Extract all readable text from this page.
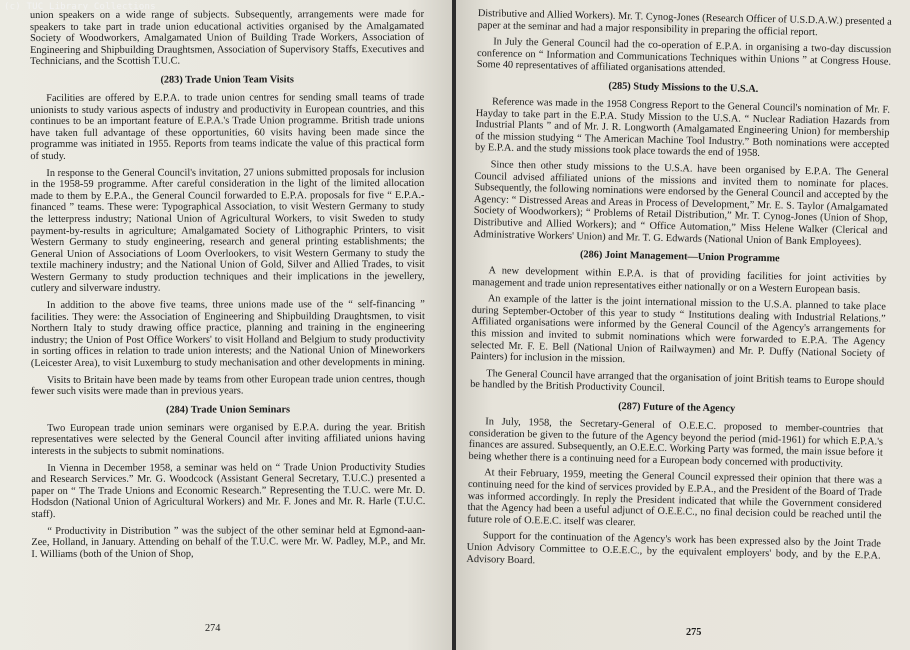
(c) TUC Library Collections

union speakers on a wide range of subjects. Subsequently, arrangements were made for speakers to take part in trade union educational activities organised by the Amalgamated Society of Woodworkers, Amalgamated Union of Building Trade Workers, Association of Engineering and Shipbuilding Draughtsmen, Association of Supervisory Staffs, Executives and Technicians, and the Scottish T.U.C.

(283) Trade Union Team Visits

Facilities are offered by E.P.A. to trade union centres for sending small teams of trade unionists to study various aspects of industry and productivity in European countries, and this continues to be an important feature of E.P.A.'s Trade Union programme. British trade unions have taken full advantage of these opportunities, 60 visits having been made since the programme was initiated in 1955. Reports from teams indicate the value of this practical form of study.

In response to the General Council's invitation, 27 unions submitted proposals for inclusion in the 1958-59 programme. After careful consideration in the light of the limited allocation made to them by E.P.A., the General Council forwarded to E.P.A. proposals for five “ E.P.A.-financed ” teams. These were: Typographical Association, to visit Western Germany to study the letterpress industry; National Union of Agricultural Workers, to visit Sweden to study payment-by-results in agriculture; Amalgamated Society of Lithographic Printers, to visit Western Germany to study engineering, research and general printing establishments; the General Union of Associations of Loom Overlookers, to visit Western Germany to study the textile machinery industry; and the National Union of Gold, Silver and Allied Trades, to visit Western Germany to study production techniques and their implications in the jewellery, cutlery and silverware industry.

In addition to the above five teams, three unions made use of the “ self-financing ” facilities. They were: the Association of Engineering and Shipbuilding Draughtsmen, to visit Northern Italy to study drawing office practice, planning and training in the engineering industry; the Union of Post Office Workers' to visit Holland and Belgium to study productivity in sorting offices in relation to trade union interests; and the National Union of Mineworkers (Leicester Area), to visit Luxemburg to study mechanisation and other developments in mining.

Visits to Britain have been made by teams from other European trade union centres, though fewer such visits were made than in previous years.

(284) Trade Union Seminars

Two European trade union seminars were organised by E.P.A. during the year. British representatives were selected by the General Council after inviting affiliated unions having interests in the subjects to submit nominations.

In Vienna in December 1958, a seminar was held on “ Trade Union Productivity Studies and Research Services.” Mr. G. Woodcock (Assistant General Secretary, T.U.C.) presented a paper on “ The Trade Unions and Economic Research.” Representing the T.U.C. were Mr. D. Hodsdon (National Union of Agricultural Workers) and Mr. F. Jones and Mr. R. Harle (T.U.C. staff).

“ Productivity in Distribution ” was the subject of the other seminar held at Egmond-aan-Zee, Holland, in January. Attending on behalf of the T.U.C. were Mr. W. Padley, M.P., and Mr. I. Williams (both of the Union of Shop,

274

Distributive and Allied Workers). Mr. T. Cynog-Jones (Research Officer of U.S.D.A.W.) presented a paper at the seminar and had a major responsibility in preparing the official report.

In July the General Council had the co-operation of E.P.A. in organising a two-day discussion conference on “ Information and Communications Techniques within Unions ” at Congress House. Some 40 representatives of affiliated organisations attended.

(285) Study Missions to the U.S.A.

Reference was made in the 1958 Congress Report to the General Council's nomination of Mr. F. Hayday to take part in the E.P.A. Study Mission to the U.S.A. “ Nuclear Radiation Hazards from Industrial Plants ” and of Mr. J. R. Longworth (Amalgamated Engineering Union) for membership of the mission studying “ The American Machine Tool Industry.” Both nominations were accepted by E.P.A. and the study missions took place towards the end of 1958.

Since then other study missions to the U.S.A. have been organised by E.P.A. The General Council advised affiliated unions of the missions and invited them to nominate for places. Subsequently, the following nominations were endorsed by the General Council and accepted by the Agency: “ Distressed Areas and Areas in Process of Development,” Mr. E. S. Taylor (Amalgamated Society of Woodworkers); “ Problems of Retail Distribution,” Mr. T. Cynog-Jones (Union of Shop, Distributive and Allied Workers); and “ Office Automation,” Miss Helene Walker (Clerical and Administrative Workers' Union) and Mr. T. G. Edwards (National Union of Bank Employees).

(286) Joint Management—Union Programme

A new development within E.P.A. is that of providing facilities for joint activities by management and trade union representatives either nationally or on a Western European basis.

An example of the latter is the joint international mission to the U.S.A. planned to take place during September-October of this year to study “ Institutions dealing with Industrial Relations.” Affiliated organisations were informed by the General Council of the Agency's arrangements for this mission and invited to submit nominations which were forwarded to E.P.A. The Agency selected Mr. F. E. Bell (National Union of Railwaymen) and Mr. P. Duffy (National Society of Painters) for inclusion in the mission.

The General Council have arranged that the organisation of joint British teams to Europe should be handled by the British Productivity Council.

(287) Future of the Agency

In July, 1958, the Secretary-General of O.E.E.C. proposed to member-countries that consideration be given to the future of the Agency beyond the period (mid-1961) for which E.P.A.'s finances are assured. Subsequently, an O.E.E.C. Working Party was formed, the main issue before it being whether there is a continuing need for a European body concerned with productivity.

At their February, 1959, meeting the General Council expressed their opinion that there was a continuing need for the kind of services provided by E.P.A., and the President of the Board of Trade was informed accordingly. In reply the President indicated that while the Government considered that the Agency had been a useful adjunct of O.E.E.C., no final decision could be reached until the future role of O.E.E.C. itself was clearer.

Support for the continuation of the Agency's work has been expressed also by the Joint Trade Union Advisory Committee to O.E.E.C., by the equivalent employers' body, and by the E.P.A. Advisory Board.

275
